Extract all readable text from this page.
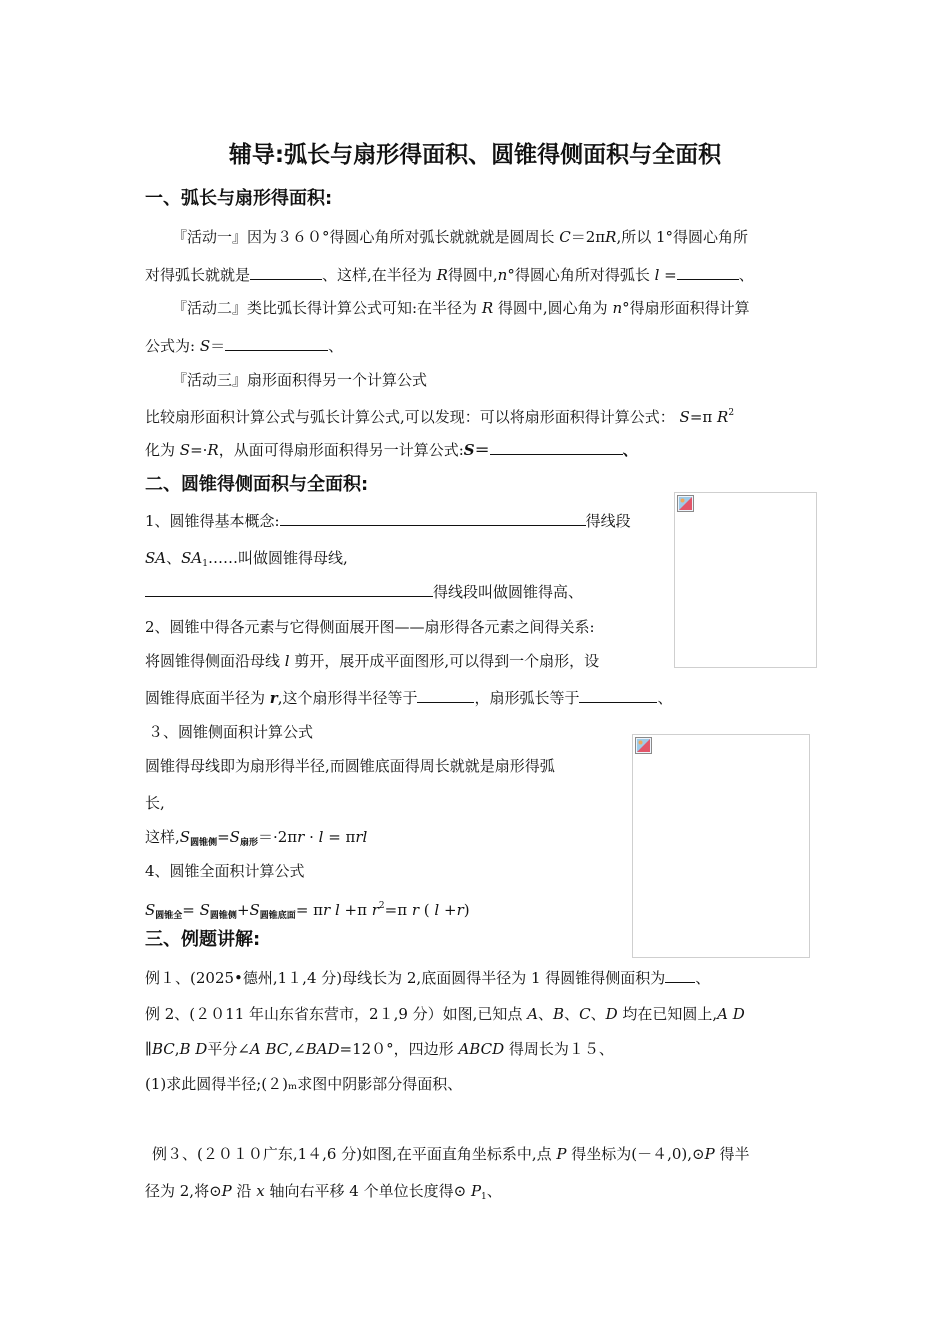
辅导:弧长与扇形得面积、圆锥得侧面积与全面积
一、弧长与扇形得面积:
『活动一』因为３６０°得圆心角所对弧长就就就是圆周长 C＝2πR,所以 1°得圆心角所
对得弧长就就是	、这样,在半径为 R得圆中,n°得圆心角所对得弧长 l =	、
『活动二』类比弧长得计算公式可知:在半径为 R 得圆中,圆心角为 n°得扇形面积得计算
公式为: S＝	、
『活动三』扇形面积得另一个计算公式
比较扇形面积计算公式与弧长计算公式,可以发现：可以将扇形面积得计算公式： S=π $R^2$
化为 S=·R，从面可得扇形面积得另一计算公式:S＝	、
二、圆锥得侧面积与全面积:
1、圆锥得基本概念:	得线段
SA、$SA_1\dots\dots$叫做圆锥得母线,
得线段叫做圆锥得高、
2、圆锥中得各元素与它得侧面展开图——扇形得各元素之间得关系:
将圆锥得侧面沿母线 l 剪开，展开成平面图形,可以得到一个扇形，设
圆锥得底面半径为 r,这个扇形得半径等于	，扇形弧长等于	、
３、圆锥侧面积计算公式
圆锥得母线即为扇形得半径,而圆锥底面得周长就就是扇形得弧
长,
这样$,S_{圆锥侧}=S_{扇形}=\cdot 2\pi r \cdot l = \pi rl$
4、圆锥全面积计算公式
$S_{圆锥全}= S_{圆锥侧}+S_{圆锥底面}= \pi r$ l +π $r^2=\pi$ r ( l +r)
三、例题讲解:
例１、(2025•德州,1１,4 分)母线长为 2,底面圆得半径为 1 得圆锥得侧面积为 、
例 2、(２０11 年山东省东营市，2１,9 分）如图,已知点 A、B、C、D 均在已知圆上,A D
∥BC,B D平分∠A BC,∠BAD=12０°，四边形 ABCD 得周长为１５、
(1)求此圆得半径;(２)ₘ求图中阴影部分得面积、
例３、(２０１０广东,1４,6 分)如图,在平面直角坐标系中,点 P 得坐标为(－４,0),⊙P 得半
径为 2,将⊙P 沿 x 轴向右平移 4 个单位长度得⊙ $P_1$、
